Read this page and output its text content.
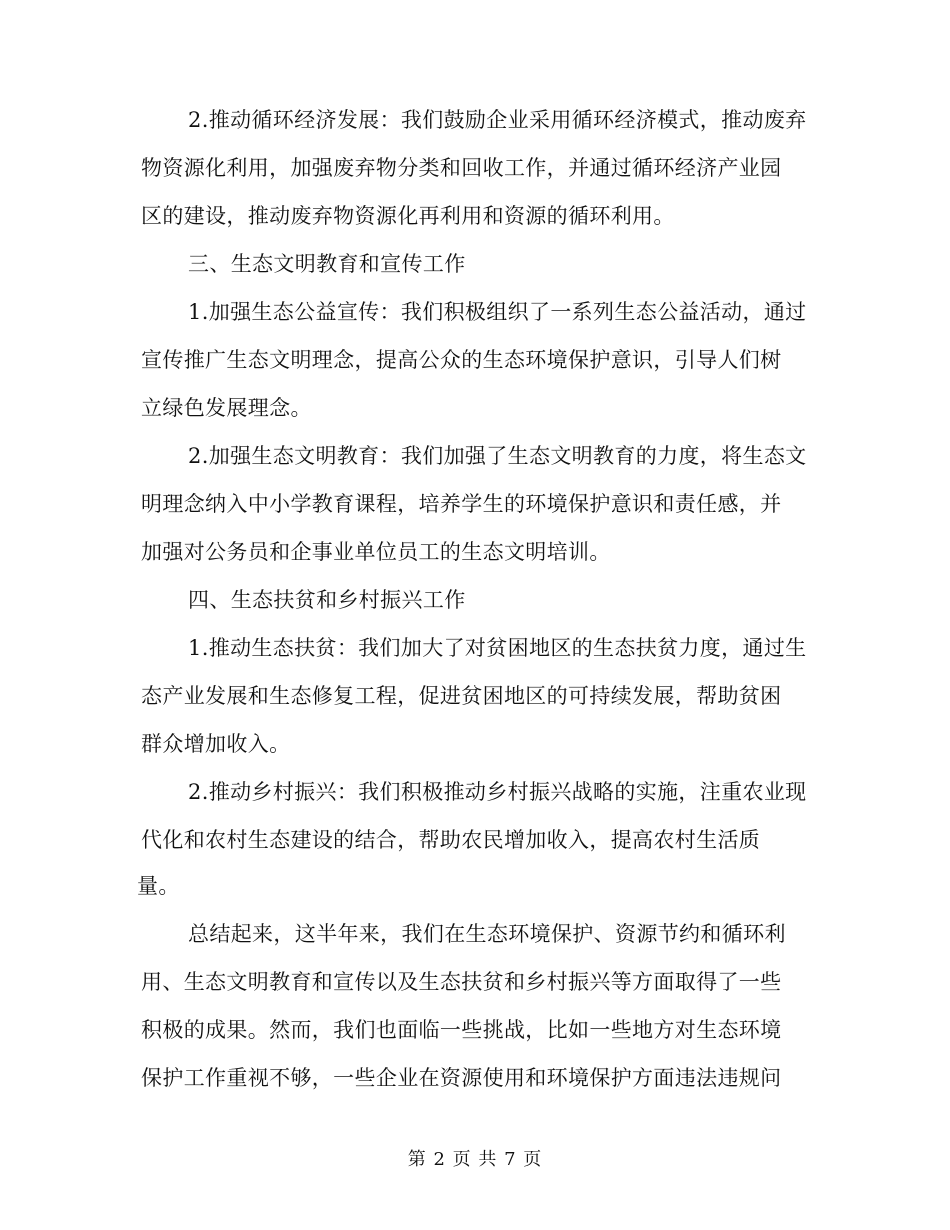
2.推动循环经济发展：我们鼓励企业采用循环经济模式，推动废弃
物资源化利用，加强废弃物分类和回收工作，并通过循环经济产业园
区的建设，推动废弃物资源化再利用和资源的循环利用。
三、生态文明教育和宣传工作
1.加强生态公益宣传：我们积极组织了一系列生态公益活动，通过
宣传推广生态文明理念，提高公众的生态环境保护意识，引导人们树
立绿色发展理念。
2.加强生态文明教育：我们加强了生态文明教育的力度，将生态文
明理念纳入中小学教育课程，培养学生的环境保护意识和责任感，并
加强对公务员和企事业单位员工的生态文明培训。
四、生态扶贫和乡村振兴工作
1.推动生态扶贫：我们加大了对贫困地区的生态扶贫力度，通过生
态产业发展和生态修复工程，促进贫困地区的可持续发展，帮助贫困
群众增加收入。
2.推动乡村振兴：我们积极推动乡村振兴战略的实施，注重农业现
代化和农村生态建设的结合，帮助农民增加收入，提高农村生活质
量。
总结起来，这半年来，我们在生态环境保护、资源节约和循环利
用、生态文明教育和宣传以及生态扶贫和乡村振兴等方面取得了一些
积极的成果。然而，我们也面临一些挑战，比如一些地方对生态环境
保护工作重视不够，一些企业在资源使用和环境保护方面违法违规问
第 2 页 共 7 页
